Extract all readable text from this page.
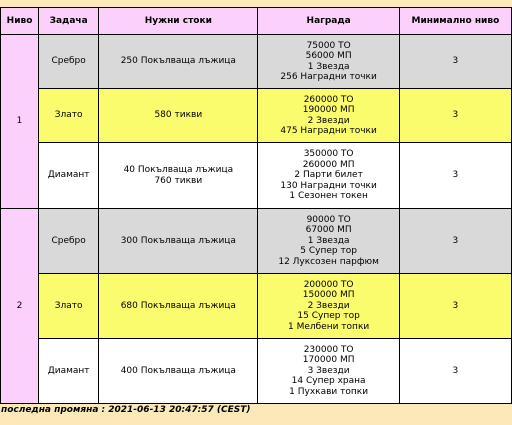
Ниво	Задача	Нужни стоки	Награда	Минимално ниво
1	Сребро	250 Покълваща лъжица	75000 ТО
56000 МП
1 Звезда
256 Наградни точки	3
	Злато	580 тикви	260000 ТО
190000 МП
2 Звезди
475 Наградни точки	3
	Диамант	40 Покълваща лъжица
760 тикви	350000 ТО
260000 МП
2 Парти билет
130 Наградни точки
1 Сезонен токен	3
2	Сребро	300 Покълваща лъжица	90000 ТО
67000 МП
1 Звезда
5 Супер тор
12 Луксозен парфюм	3
	Злато	680 Покълваща лъжица	200000 ТО
150000 МП
2 Звезди
15 Супер тор
1 Мелбени топки	3
	Диамант	400 Покълваща лъжица	230000 ТО
170000 МП
3 Звезди
14 Супер храна
1 Пухкави топки	3
последна промяна : 2021-06-13 20:47:57 (CEST)
